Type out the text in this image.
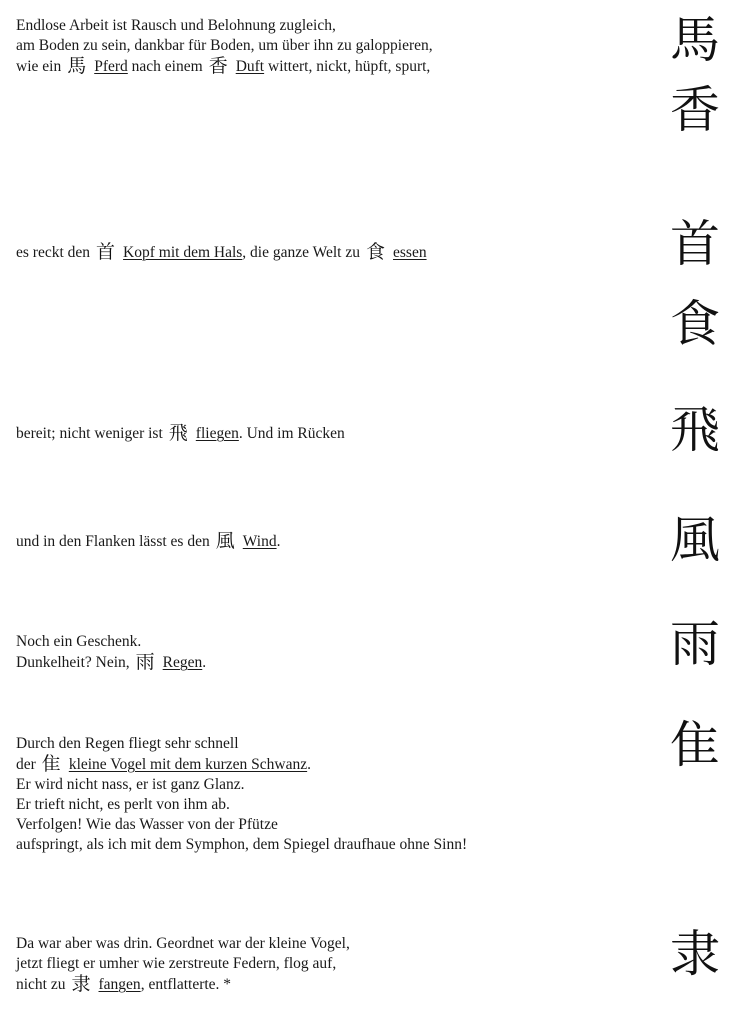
Endlose Arbeit ist Rausch und Belohnung zugleich,
am Boden zu sein, dankbar für Boden, um über ihn zu galoppieren,
wie ein 馬 Pferd nach einem 香 Duft wittert, nickt, hüpft, spurt,
es reckt den 首 Kopf mit dem Hals, die ganze Welt zu 食 essen
bereit; nicht weniger ist 飛 fliegen. Und im Rücken
und in den Flanken lässt es den 風 Wind.
Noch ein Geschenk.
Dunkelheit? Nein, 雨 Regen.
Durch den Regen fliegt sehr schnell
der 隹 kleine Vogel mit dem kurzen Schwanz.
Er wird nicht nass, er ist ganz Glanz.
Er trieft nicht, es perlt von ihm ab.
Verfolgen! Wie das Wasser von der Pfütze
aufspringt, als ich mit dem Symphon, dem Spiegel draufhaue ohne Sinn!
Da war aber was drin. Geordnet war der kleine Vogel,
jetzt fliegt er umher wie zerstreute Federn, flog auf,
nicht zu 隶 fangen, entflatterte. *
馬
香
首
食
飛
風
雨
隹
隶
